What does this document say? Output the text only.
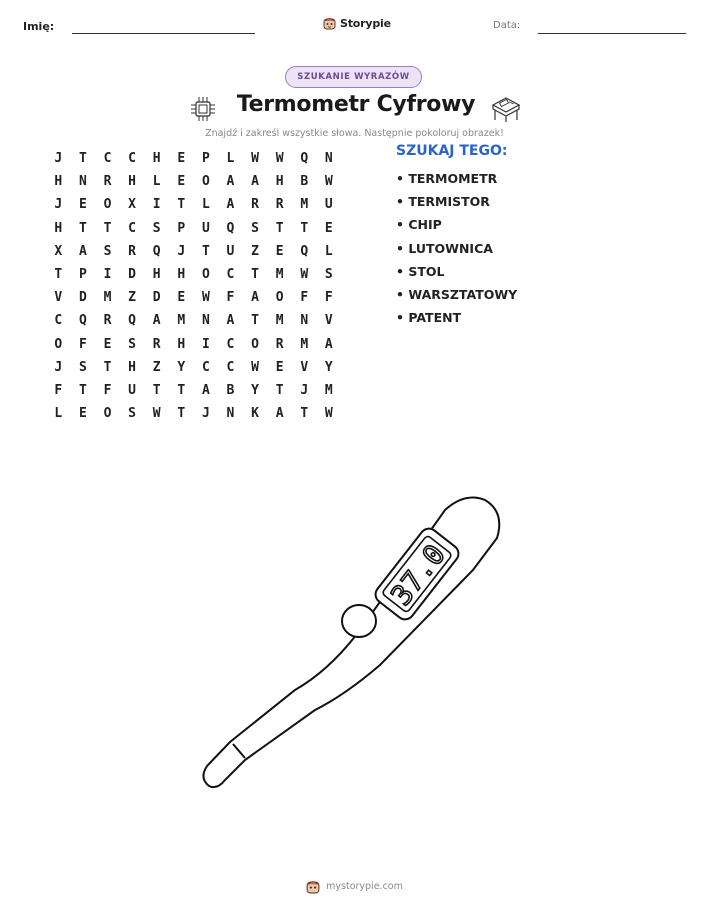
Imię:	Storypie	Data:
SZUKANIE WYRAZÓW
Termometr Cyfrowy
Znajdź i zakreśl wszystkie słowa. Następnie pokoloruj obrazek!
J	T	C	C	H	E	P	L	W	W	Q	N
H	N	R	H	L	E	O	A	A	H	B	W
J	E	O	X	I	T	L	A	R	R	M	U
H	T	T	C	S	P	U	Q	S	T	T	E
X	A	S	R	Q	J	T	U	Z	E	Q	L
T	P	I	D	H	H	O	C	T	M	W	S
V	D	M	Z	D	E	W	F	A	O	F	F
C	Q	R	Q	A	M	N	A	T	M	N	V
O	F	E	S	R	H	I	C	O	R	M	A
J	S	T	H	Z	Y	C	C	W	E	V	Y
F	T	F	U	T	T	A	B	Y	T	J	M
L	E	O	S	W	T	J	N	K	A	T	W
SZUKAJ TEGO:
• TERMOMETR
• TERMISTOR
• CHIP
• LUTOWNICA
• STOL
• WARSZTATOWY
• PATENT
37.0
mystorypie.com
